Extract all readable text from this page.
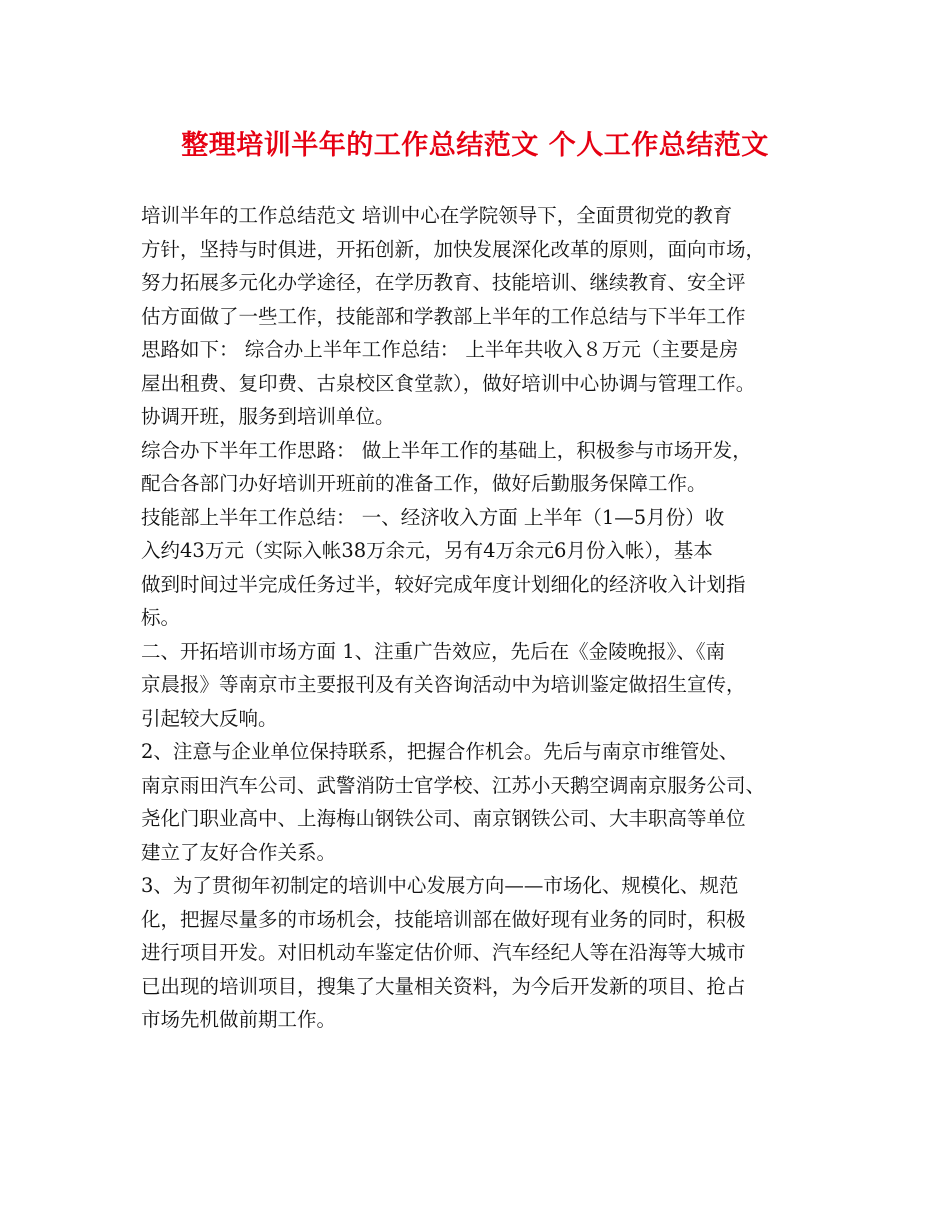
整理培训半年的工作总结范文 个人工作总结范文
培训半年的工作总结范文 培训中心在学院领导下，全面贯彻党的教育
方针，坚持与时俱进，开拓创新，加快发展深化改革的原则，面向市场，
努力拓展多元化办学途径，在学历教育、技能培训、继续教育、安全评
估方面做了一些工作，技能部和学教部上半年的工作总结与下半年工作
思路如下： 综合办上半年工作总结： 上半年共收入８万元（主要是房
屋出租费、复印费、古泉校区食堂款），做好培训中心协调与管理工作。
协调开班，服务到培训单位。
综合办下半年工作思路： 做上半年工作的基础上，积极参与市场开发，
配合各部门办好培训开班前的准备工作，做好后勤服务保障工作。
技能部上半年工作总结： 一、经济收入方面 上半年（1—5月份）收
入约43万元（实际入帐38万余元，另有4万余元6月份入帐），基本
做到时间过半完成任务过半，较好完成年度计划细化的经济收入计划指
标。
二、开拓培训市场方面 1、注重广告效应，先后在《金陵晚报》、《南
京晨报》等南京市主要报刊及有关咨询活动中为培训鉴定做招生宣传，
引起较大反响。
2、注意与企业单位保持联系，把握合作机会。先后与南京市维管处、
南京雨田汽车公司、武警消防士官学校、江苏小天鹅空调南京服务公司、
尧化门职业高中、上海梅山钢铁公司、南京钢铁公司、大丰职高等单位
建立了友好合作关系。
3、为了贯彻年初制定的培训中心发展方向——市场化、规模化、规范
化，把握尽量多的市场机会，技能培训部在做好现有业务的同时，积极
进行项目开发。对旧机动车鉴定估价师、汽车经纪人等在沿海等大城市
已出现的培训项目，搜集了大量相关资料，为今后开发新的项目、抢占
市场先机做前期工作。
